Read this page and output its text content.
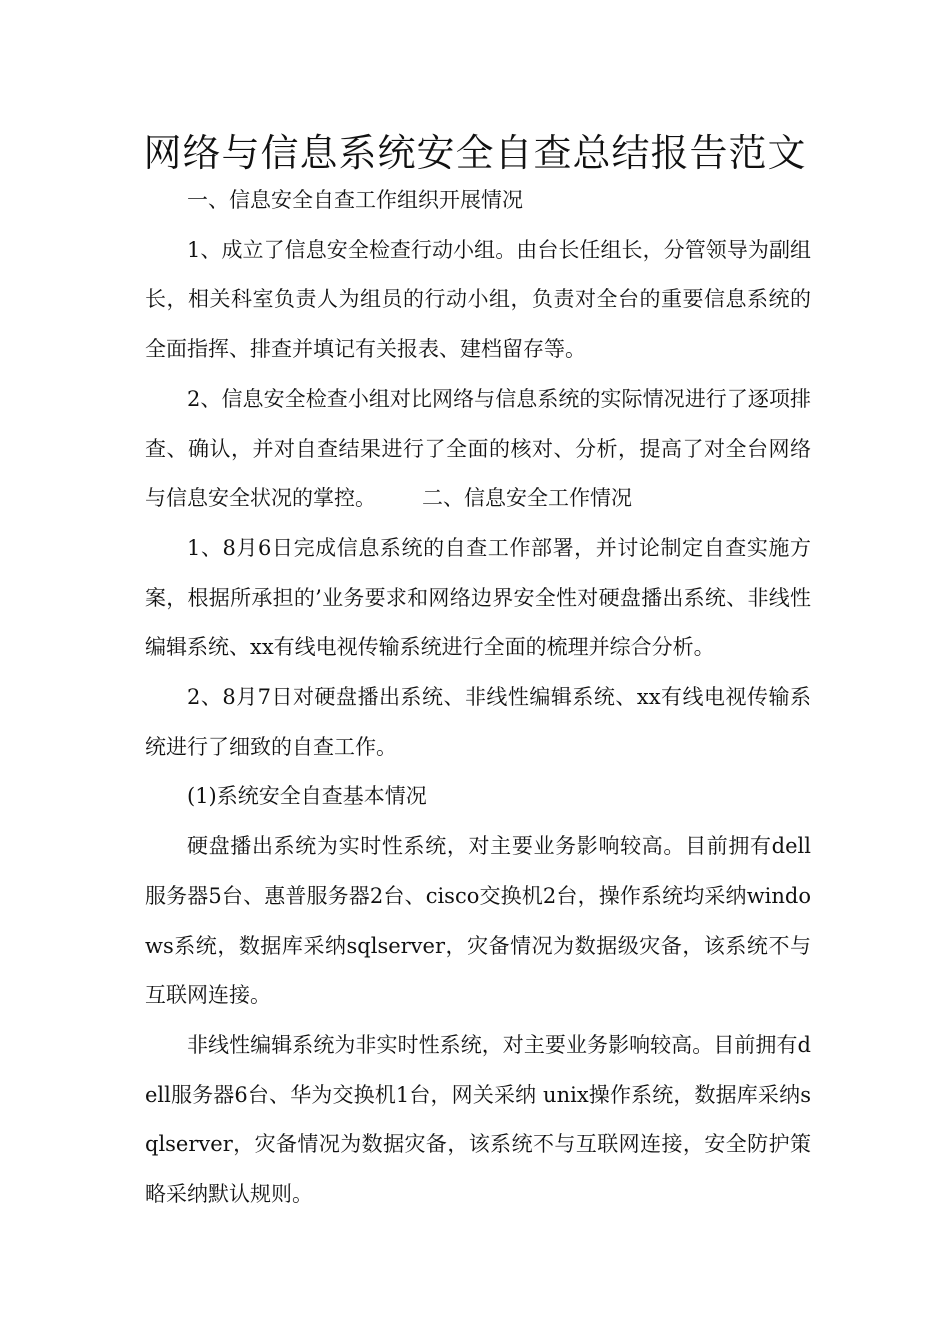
网络与信息系统安全自查总结报告范文

一、信息安全自查工作组织开展情况

1、成立了信息安全检查行动小组。由台长任组长，分管领导为副组长，相关科室负责人为组员的行动小组，负责对全台的重要信息系统的全面指挥、排查并填记有关报表、建档留存等。

2、信息安全检查小组对比网络与信息系统的实际情况进行了逐项排查、确认，并对自查结果进行了全面的核对、分析，提高了对全台网络与信息安全状况的掌控。 二、信息安全工作情况

1、8月6日完成信息系统的自查工作部署，并讨论制定自查实施方案，根据所承担的’业务要求和网络边界安全性对硬盘播出系统、非线性编辑系统、xx有线电视传输系统进行全面的梳理并综合分析。

2、8月7日对硬盘播出系统、非线性编辑系统、xx有线电视传输系统进行了细致的自查工作。

(1)系统安全自查基本情况

硬盘播出系统为实时性系统，对主要业务影响较高。目前拥有dell服务器5台、惠普服务器2台、cisco交换机2台，操作系统均采纳windows系统，数据库采纳sqlserver，灾备情况为数据级灾备，该系统不与互联网连接。

非线性编辑系统为非实时性系统，对主要业务影响较高。目前拥有dell服务器6台、华为交换机1台，网关采纳 unix操作系统，数据库采纳sqlserver，灾备情况为数据灾备，该系统不与互联网连接，安全防护策略采纳默认规则。
